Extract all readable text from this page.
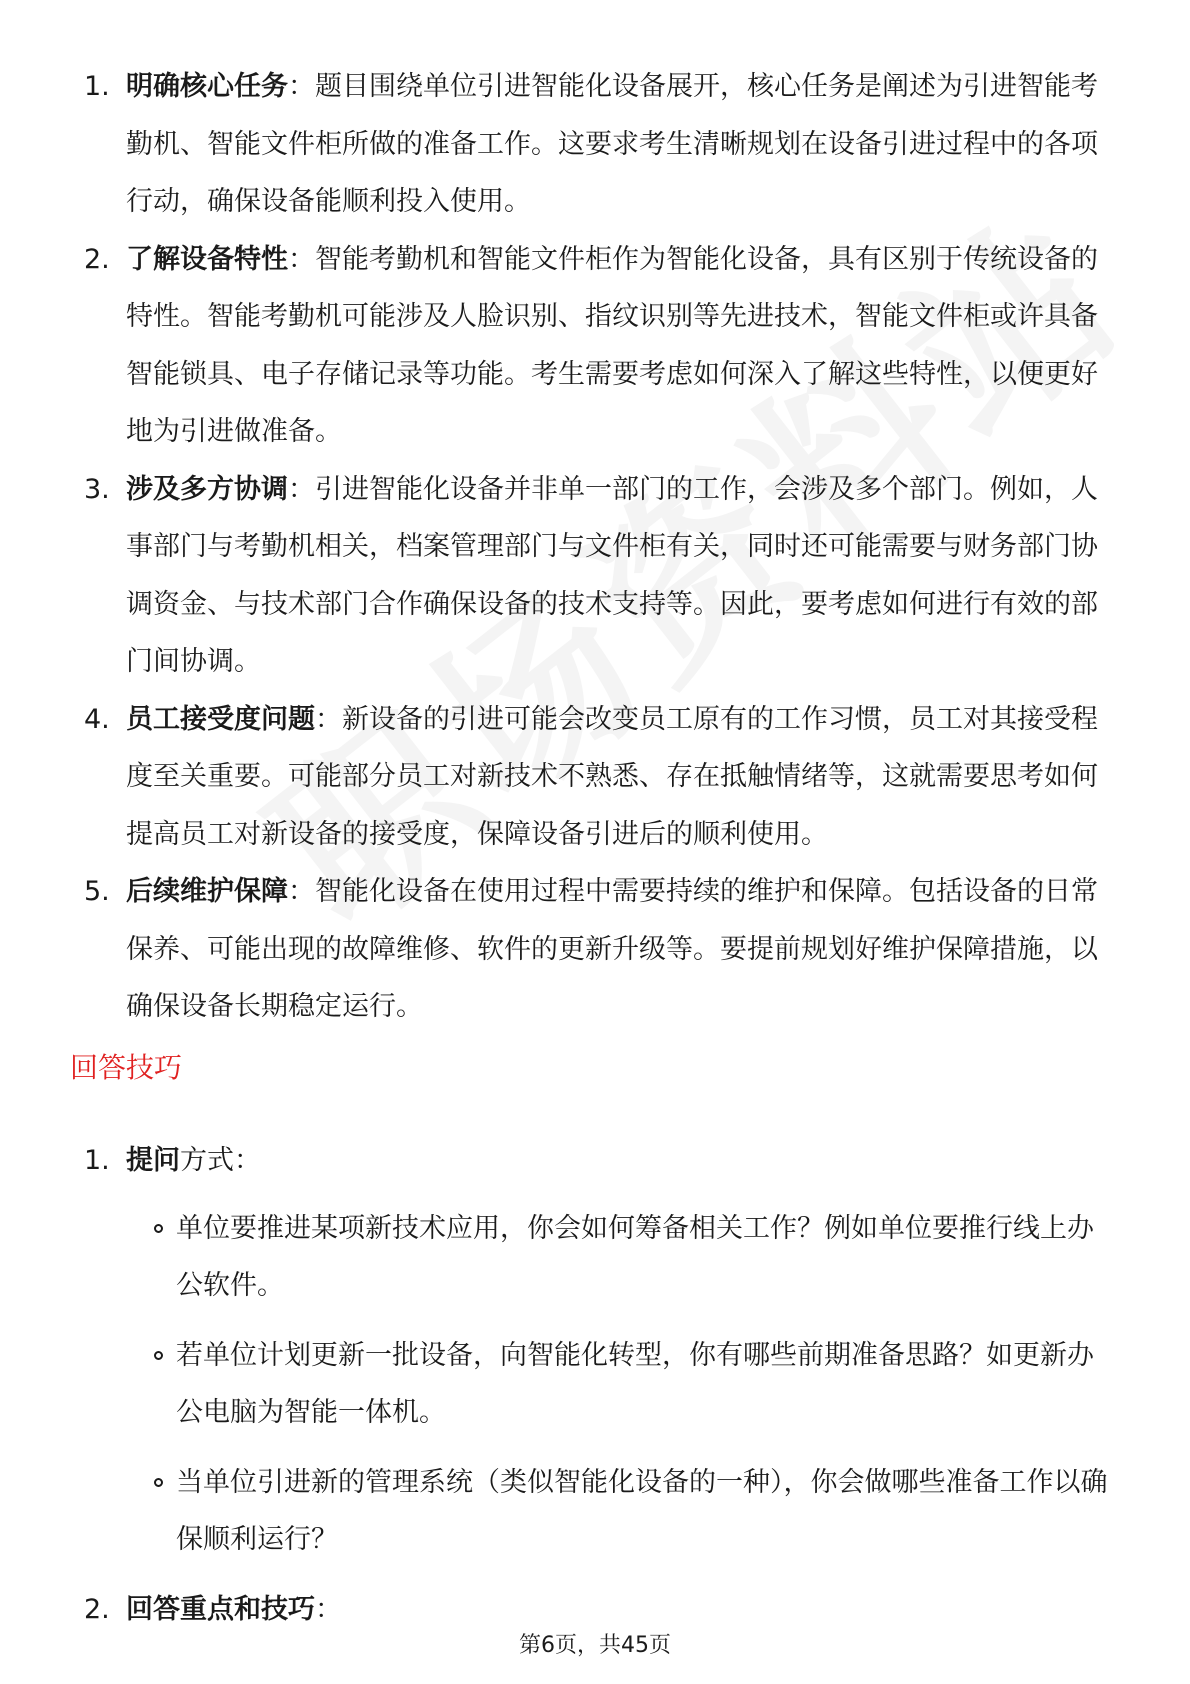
1. 明确核心任务：题目围绕单位引进智能化设备展开，核心任务是阐述为引进智能考勤机、智能文件柜所做的准备工作。这要求考生清晰规划在设备引进过程中的各项行动，确保设备能顺利投入使用。
2. 了解设备特性：智能考勤机和智能文件柜作为智能化设备，具有区别于传统设备的特性。智能考勤机可能涉及人脸识别、指纹识别等先进技术，智能文件柜或许具备智能锁具、电子存储记录等功能。考生需要考虑如何深入了解这些特性，以便更好地为引进做准备。
3. 涉及多方协调：引进智能化设备并非单一部门的工作，会涉及多个部门。例如，人事部门与考勤机相关，档案管理部门与文件柜有关，同时还可能需要与财务部门协调资金、与技术部门合作确保设备的技术支持等。因此，要考虑如何进行有效的部门间协调。
4. 员工接受度问题：新设备的引进可能会改变员工原有的工作习惯，员工对其接受程度至关重要。可能部分员工对新技术不熟悉、存在抵触情绪等，这就需要思考如何提高员工对新设备的接受度，保障设备引进后的顺利使用。
5. 后续维护保障：智能化设备在使用过程中需要持续的维护和保障。包括设备的日常保养、可能出现的故障维修、软件的更新升级等。要提前规划好维护保障措施，以确保设备长期稳定运行。
回答技巧
1. 提问方式：
单位要推进某项新技术应用，你会如何筹备相关工作？例如单位要推行线上办公软件。
若单位计划更新一批设备，向智能化转型，你有哪些前期准备思路？如更新办公电脑为智能一体机。
当单位引进新的管理系统（类似智能化设备的一种），你会做哪些准备工作以确保顺利运行？
2. 回答重点和技巧：
第6页，共45页
